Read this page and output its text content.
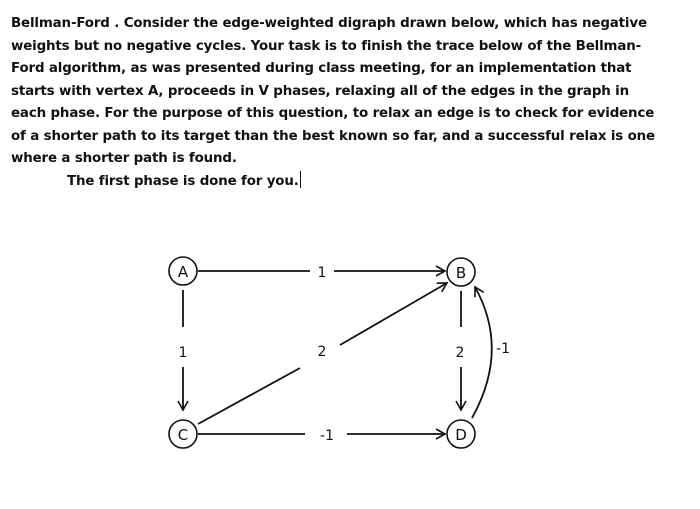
Bellman-Ford . Consider the edge-weighted digraph drawn below, which has negative
weights but no negative cycles. Your task is to finish the trace below of the Bellman-
Ford algorithm, as was presented during class meeting, for an implementation that
starts with vertex A, proceeds in V phases, relaxing all of the edges in the graph in
each phase. For the purpose of this question, to relax an edge is to check for evidence
of a shorter path to its target than the best known so far, and a successful relax is one
where a shorter path is found.
The first phase is done for you.
1
1	2	2 -1
-1
A	B
C	D
